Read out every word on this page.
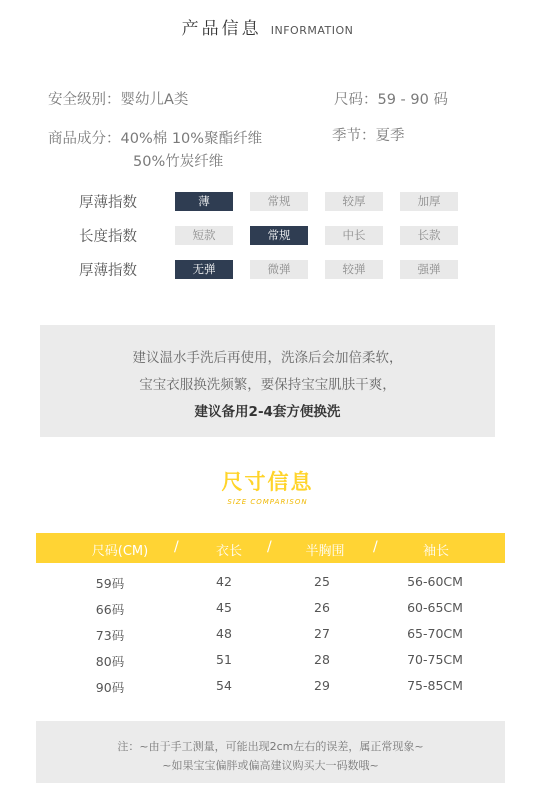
产品信息 INFORMATION
安全级别：婴幼儿A类	尺码：59 - 90 码
商品成分：40%棉 10%聚酯纤维
50%竹炭纤维
季节：夏季
厚薄指数	薄	常规	较厚	加厚
长度指数	短款	常规	中长	长款
厚薄指数	无弹	微弹	较弹	强弹
建议温水手洗后再使用，洗涤后会加倍柔软，
宝宝衣服换洗频繁，要保持宝宝肌肤干爽，
建议备用2-4套方便换洗
尺寸信息
SIZE COMPARISON
尺码(CM)	/	衣长	/	半胸围	/	袖长
59码	42	25	56-60CM
66码	45	26	60-65CM
73码	48	27	65-70CM
80码	51	28	70-75CM
90码	54	29	75-85CM
注：~由于手工测量，可能出现2cm左右的误差，属正常现象~
~如果宝宝偏胖或偏高建议购买大一码数哦~
